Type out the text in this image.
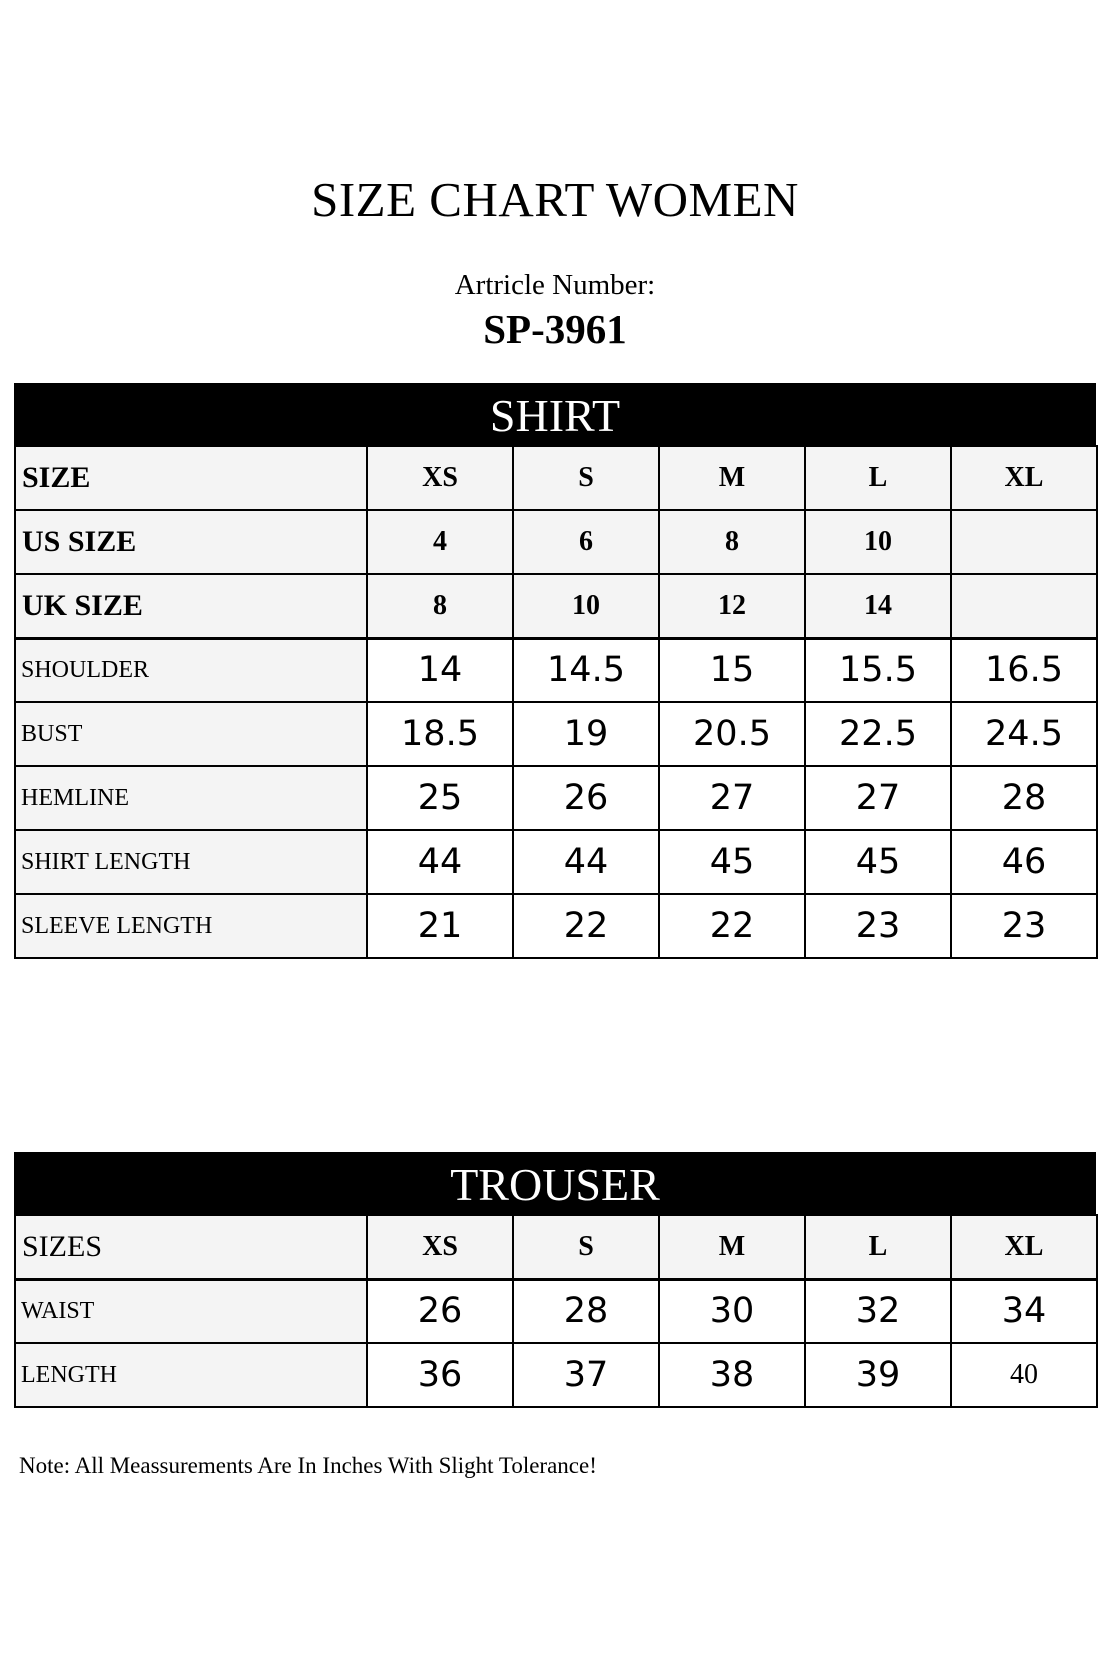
SIZE CHART WOMEN
Artricle Number:
SP-3961
SHIRT
SIZE	XS	S	M	L	XL
US SIZE	4	6	8	10	
UK SIZE	8	10	12	14	
SHOULDER	14	14.5	15	15.5	16.5
BUST	18.5	19	20.5	22.5	24.5
HEMLINE	25	26	27	27	28
SHIRT LENGTH	44	44	45	45	46
SLEEVE LENGTH	21	22	22	23	23
TROUSER
SIZES	XS	S	M	L	XL
WAIST	26	28	30	32	34
LENGTH	36	37	38	39	40
Note: All Meassurements Are In Inches With Slight Tolerance!
